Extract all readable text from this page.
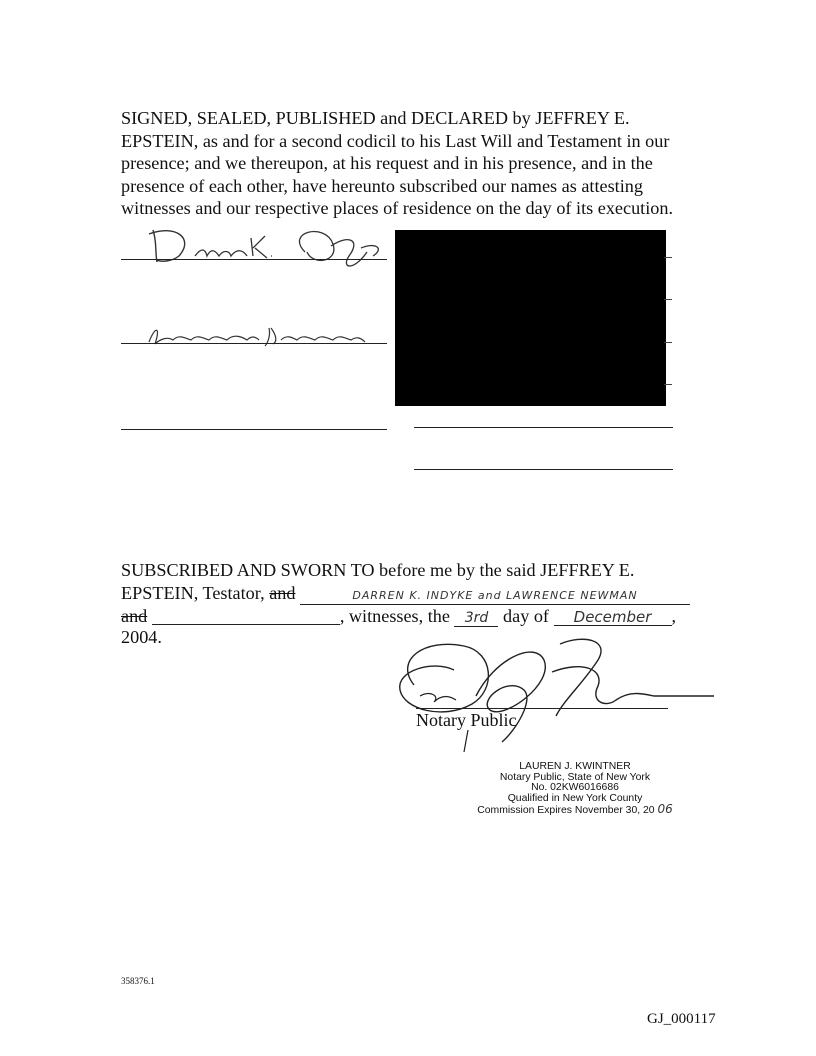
SIGNED, SEALED, PUBLISHED and DECLARED by JEFFREY E. EPSTEIN, as and for a second codicil to his Last Will and Testament in our presence; and we thereupon, at his request and in his presence, and in the presence of each other, have hereunto subscribed our names as attesting witnesses and our respective places of residence on the day of its execution.

SUBSCRIBED AND SWORN TO before me by the said JEFFREY E.
EPSTEIN, Testator, and	DARREN K. INDYKE and LAWRENCE NEWMAN
and	, witnesses, the 3rd day of December ,
2004.
Notary Public
LAUREN J. KWINTNER
Notary Public, State of New York
No. 02KW6016686
Qualified in New York County
Commission Expires November 30, 20 06
358376.1
GJ_000117
